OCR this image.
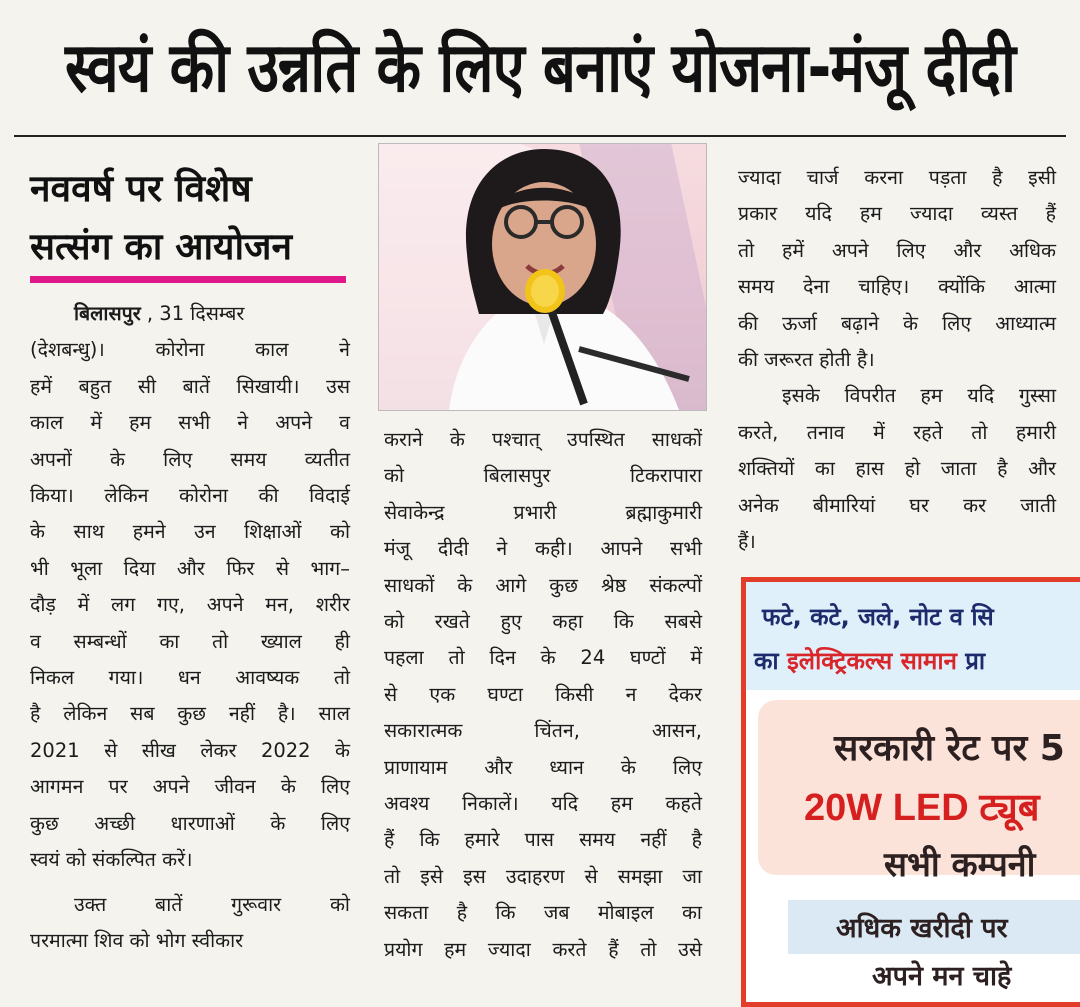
स्वयं की उन्नति के लिए बनाएं योजना-मंजू दीदी
नववर्ष पर विशेष
सत्संग का आयोजन
बिलासपुर , 31 दिसम्बर
(देशबन्धु)। कोरोना काल ने
हमें बहुत सी बातें सिखायी। उस
काल में हम सभी ने अपने व
अपनों के लिए समय व्यतीत
किया। लेकिन कोरोना की विदाई
के साथ हमने उन शिक्षाओं को
भी भूला दिया और फिर से भाग–
दौड़ में लग गए, अपने मन, शरीर
व सम्बन्धों का तो ख्याल ही
निकल गया। धन आवष्यक तो
है लेकिन सब कुछ नहीं है। साल
2021 से सीख लेकर 2022 के
आगमन पर अपने जीवन के लिए
कुछ अच्छी धारणाओं के लिए
स्वयं को संकल्पित करें।
उक्त बातें गुरूवार को
परमात्मा शिव को भोग स्वीकार
कराने के पश्चात् उपस्थित साधकों
को बिलासपुर टिकरापारा
सेवाकेन्द्र प्रभारी ब्रह्माकुमारी
मंजू दीदी ने कही। आपने सभी
साधकों के आगे कुछ श्रेष्ठ संकल्पों
को रखते हुए कहा कि सबसे
पहला तो दिन के 24 घण्टों में
से एक घण्टा किसी न देकर
सकारात्मक चिंतन, आसन,
प्राणायाम और ध्यान के लिए
अवश्य निकालें। यदि हम कहते
हैं कि हमारे पास समय नहीं है
तो इसे इस उदाहरण से समझा जा
सकता है कि जब मोबाइल का
प्रयोग हम ज्यादा करते हैं तो उसे
ज्यादा चार्ज करना पड़ता है इसी
प्रकार यदि हम ज्यादा व्यस्त हैं
तो हमें अपने लिए और अधिक
समय देना चाहिए। क्योंकि आत्मा
की ऊर्जा बढ़ाने के लिए आध्यात्म
की जरूरत होती है।
इसके विपरीत हम यदि गुस्सा
करते, तनाव में रहते तो हमारी
शक्तियों का हास हो जाता है और
अनेक बीमारियां घर कर जाती
हैं।
फटे, कटे, जले, नोट व सि
का इलेक्ट्रिकल्स सामान प्रा
सरकारी रेट पर 5
20W LED ट्यूब
सभी कम्पनी
अधिक खरीदी पर
अपने मन चाहे
